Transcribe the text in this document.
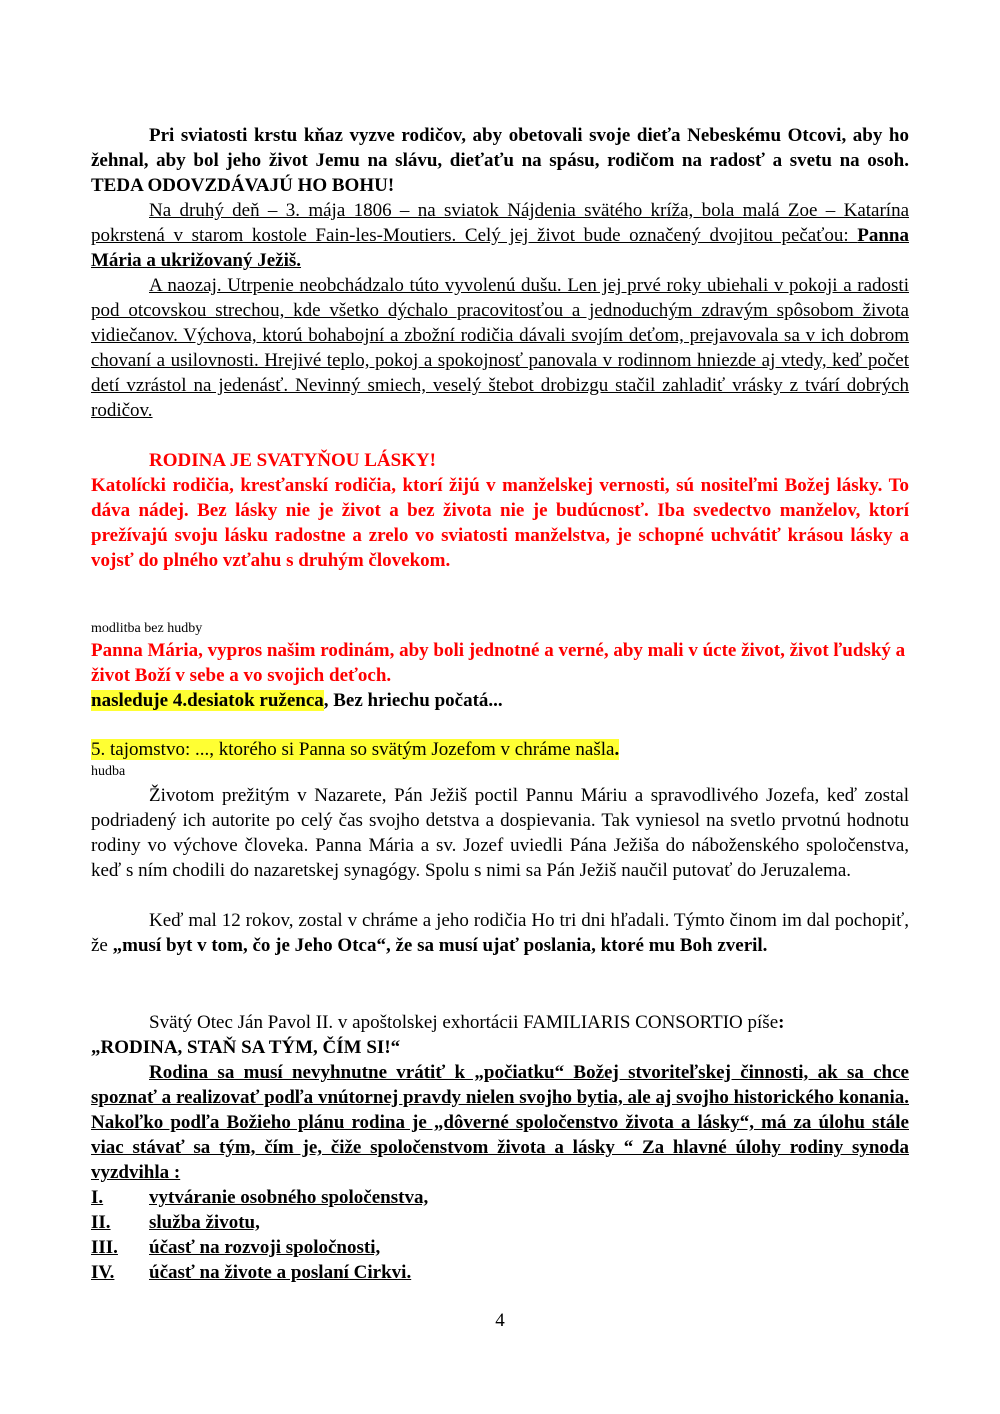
Pri sviatosti krstu kňaz vyzve rodičov, aby obetovali svoje dieťa Nebeskému Otcovi, aby ho žehnal, aby bol jeho život Jemu na slávu, dieťaťu na spásu, rodičom na radosť a svetu na osoh. TEDA ODOVZDÁVAJÚ HO BOHU!

Na druhý deň – 3. mája 1806 – na sviatok Nájdenia svätého kríža, bola malá Zoe – Katarína pokrstená v starom kostole Fain-les-Moutiers. Celý jej život bude označený dvojitou pečaťou: Panna Mária a ukrižovaný Ježiš.

A naozaj. Utrpenie neobchádzalo túto vyvolenú dušu. Len jej prvé roky ubiehali v pokoji a radosti pod otcovskou strechou, kde všetko dýchalo pracovitosťou a jednoduchým zdravým spôsobom života vidiečanov. Výchova, ktorú bohabojní a zbožní rodičia dávali svojím deťom, prejavovala sa v ich dobrom chovaní a usilovnosti. Hrejivé teplo, pokoj a spokojnosť panovala v rodinnom hniezde aj vtedy, keď počet detí vzrástol na jedenásť. Nevinný smiech, veselý štebot drobizgu stačil zahladiť vrásky z tvárí dobrých rodičov.

RODINA JE SVATYŇOU LÁSKY!

Katolícki rodičia, kresťanskí rodičia, ktorí žijú v manželskej vernosti, sú nositeľmi Božej lásky. To dáva nádej. Bez lásky nie je život a bez života nie je budúcnosť. Iba svedectvo manželov, ktorí prežívajú svoju lásku radostne a zrelo vo sviatosti manželstva, je schopné uchvátiť krásou lásky a vojsť do plného vzťahu s druhým človekom.

modlitba bez hudby

Panna Mária, vypros našim rodinám, aby boli jednotné a verné, aby mali v úcte život, život ľudský a život Boží v sebe a vo svojich deťoch.

nasleduje 4.desiatok ruženca, Bez hriechu počatá...

5. tajomstvo: ..., ktorého si Panna so svätým Jozefom v chráme našla.

hudba

Životom prežitým v Nazarete, Pán Ježiš poctil Pannu Máriu a spravodlivého Jozefa, keď zostal podriadený ich autorite po celý čas svojho detstva a dospievania. Tak vyniesol na svetlo prvotnú hodnotu rodiny vo výchove človeka. Panna Mária a sv. Jozef uviedli Pána Ježiša do náboženského spoločenstva, keď s ním chodili do nazaretskej synagógy. Spolu s nimi sa Pán Ježiš naučil putovať do Jeruzalema.

Keď mal 12 rokov, zostal v chráme a jeho rodičia Ho tri dni hľadali. Týmto činom im dal pochopiť, že „musí byt v tom, čo je Jeho Otca“, že sa musí ujať poslania, ktoré mu Boh zveril.

Svätý Otec Ján Pavol II. v apoštolskej exhortácii FAMILIARIS CONSORTIO píše:

„RODINA, STAŇ SA TÝM, ČÍM SI!“

Rodina sa musí nevyhnutne vrátiť k „počiatku“ Božej stvoriteľskej činnosti, ak sa chce spoznať a realizovať podľa vnútornej pravdy nielen svojho bytia, ale aj svojho historického konania. Nakoľko podľa Božieho plánu rodina je „dôverné spoločenstvo života a lásky“, má za úlohu stále viac stávať sa tým, čím je, čiže spoločenstvom života a lásky “ Za hlavné úlohy rodiny synoda vyzdvihla :

I.	vytváranie osobného spoločenstva,
II.	služba životu,
III.	účasť na rozvoji spoločnosti,
IV.	účasť na živote a poslaní Cirkvi.
4
